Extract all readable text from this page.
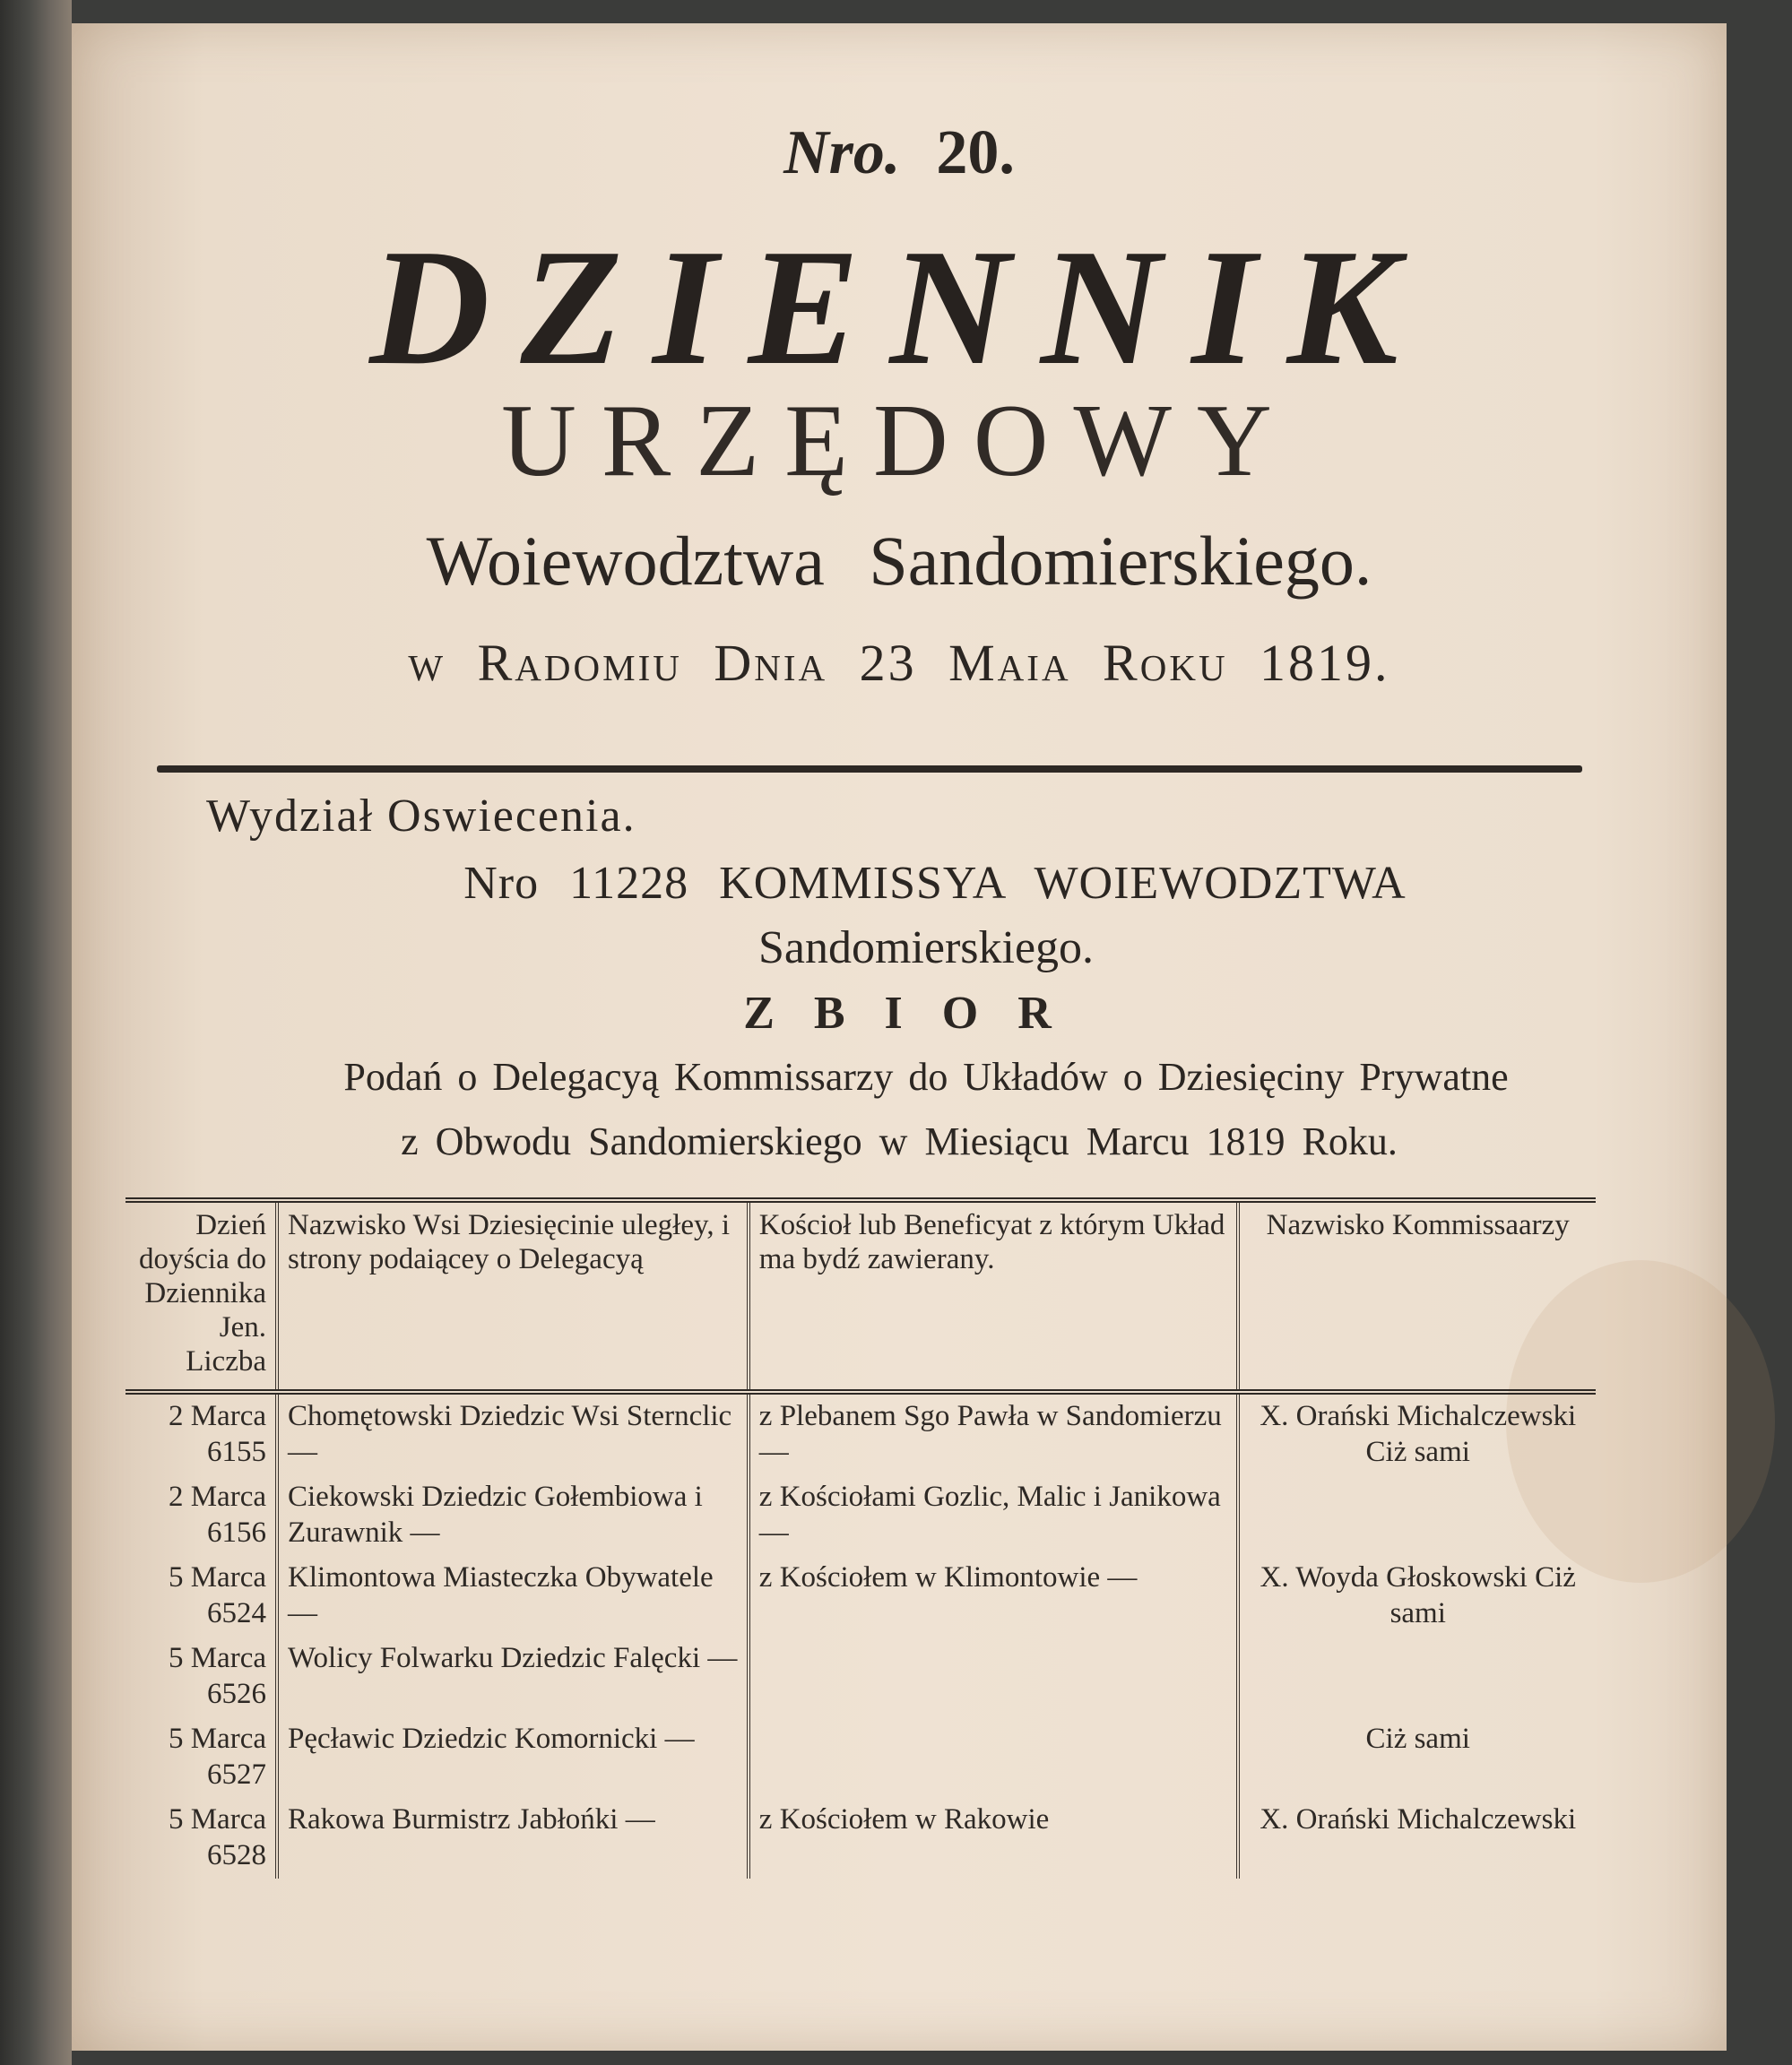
Nro. 20.
DZIENNIK
URZĘDOWY
Woiewodztwa Sandomierskiego.
w Radomiu Dnia 23 Maia Roku 1819.
Wydział Oswiecenia.
Nro 11228 KOMMISSYA WOIEWODZTWA
Sandomierskiego.
ZBIOR
Podań o Delegacyą Kommissarzy do Układów o Dziesięciny Prywatne
z Obwodu Sandomierskiego w Miesiącu Marcu 1819 Roku.
Dzień doyścia do Dziennika Jen. Liczba	Nazwisko Wsi Dziesięcinie uległey, i strony podaiącey o Delegacyą	Kościoł lub Beneficyat z którym Układ ma bydź zawierany.	Nazwisko Kommissaarzy

2 Marca
6155	Chomętowski Dziedzic Wsi Sternclic —	z Plebanem Sgo Pawła w Sandomierzu —	X. Orański Michalczewski Ciż sami

2 Marca
6156	Ciekowski Dziedzic Gołembiowa i Zurawnik —	z Kościołami Gozlic, Malic i Janikowa —	

5 Marca
6524	Klimontowa Miasteczka Obywatele —	z Kościołem w Klimontowie —	X. Woyda Głoskowski Ciż sami

5 Marca
6526	Wolicy Folwarku Dziedzic Falęcki —		

5 Marca
6527	Pęcławic Dziedzic Komornicki —		Ciż sami

5 Marca
6528	Rakowa Burmistrz Jabłońki —	z Kościołem w Rakowie	X. Orański Michalczewski
